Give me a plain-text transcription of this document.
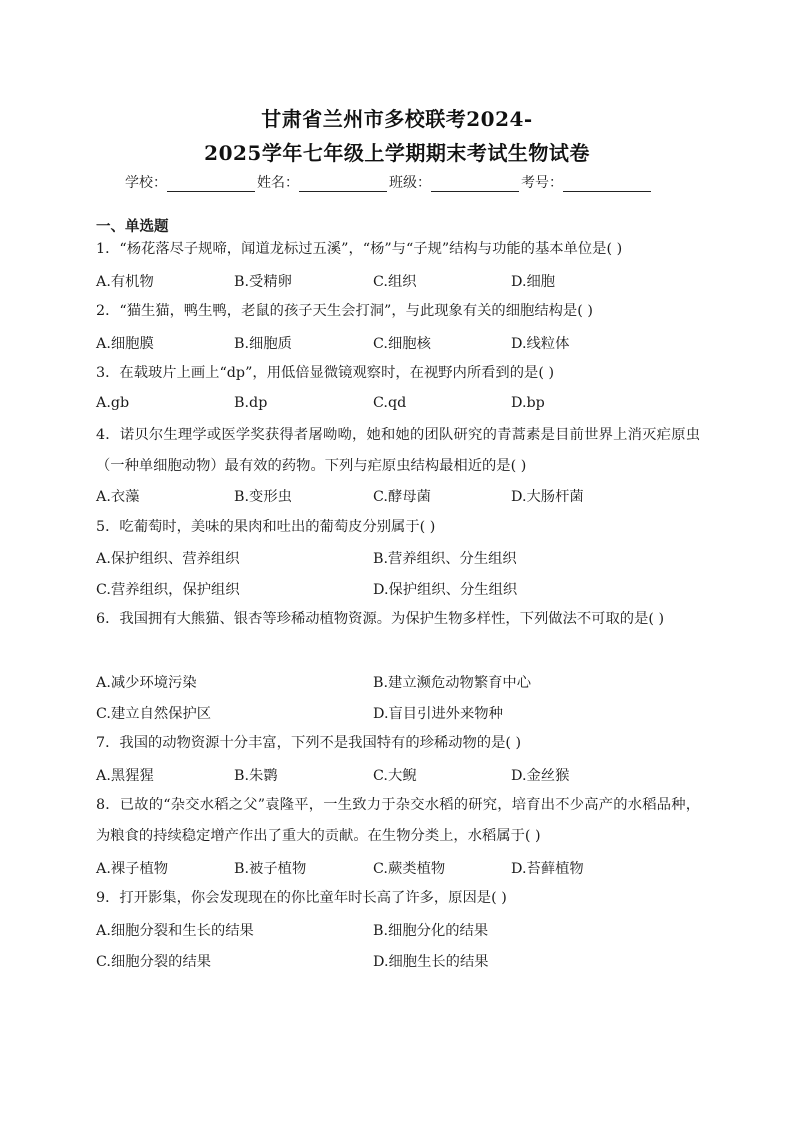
甘肃省兰州市多校联考2024-
2025学年七年级上学期期末考试生物试卷
学校：	姓名：	班级：	考号：
一、单选题
1．“杨花落尽子规啼，闻道龙标过五溪”，“杨”与“子规”结构与功能的基本单位是( )
A.有机物	B.受精卵	C.组织	D.细胞
2．“猫生猫，鸭生鸭，老鼠的孩子天生会打洞”，与此现象有关的细胞结构是( )
A.细胞膜	B.细胞质	C.细胞核	D.线粒体
3．在载玻片上画上“dp”，用低倍显微镜观察时，在视野内所看到的是( )
A.gb	B.dp	C.qd	D.bp
4．诺贝尔生理学或医学奖获得者屠呦呦，她和她的团队研究的青蒿素是目前世界上消灭疟原虫（一种单细胞动物）最有效的药物。下列与疟原虫结构最相近的是( )
A.衣藻	B.变形虫	C.酵母菌	D.大肠杆菌
5．吃葡萄时，美味的果肉和吐出的葡萄皮分别属于( )
A.保护组织、营养组织	B.营养组织、分生组织
C.营养组织，保护组织	D.保护组织、分生组织
6．我国拥有大熊猫、银杏等珍稀动植物资源。为保护生物多样性，下列做法不可取的是( )
A.减少环境污染	B.建立濒危动物繁育中心
C.建立自然保护区	D.盲目引进外来物种
7．我国的动物资源十分丰富，下列不是我国特有的珍稀动物的是( )
A.黑猩猩	B.朱鹮	C.大鲵	D.金丝猴
8．已故的“杂交水稻之父”袁隆平，一生致力于杂交水稻的研究，培育出不少高产的水稻品种，为粮食的持续稳定增产作出了重大的贡献。在生物分类上，水稻属于( )
A.裸子植物	B.被子植物	C.蕨类植物	D.苔藓植物
9．打开影集，你会发现现在的你比童年时长高了许多，原因是( )
A.细胞分裂和生长的结果	B.细胞分化的结果
C.细胞分裂的结果	D.细胞生长的结果
